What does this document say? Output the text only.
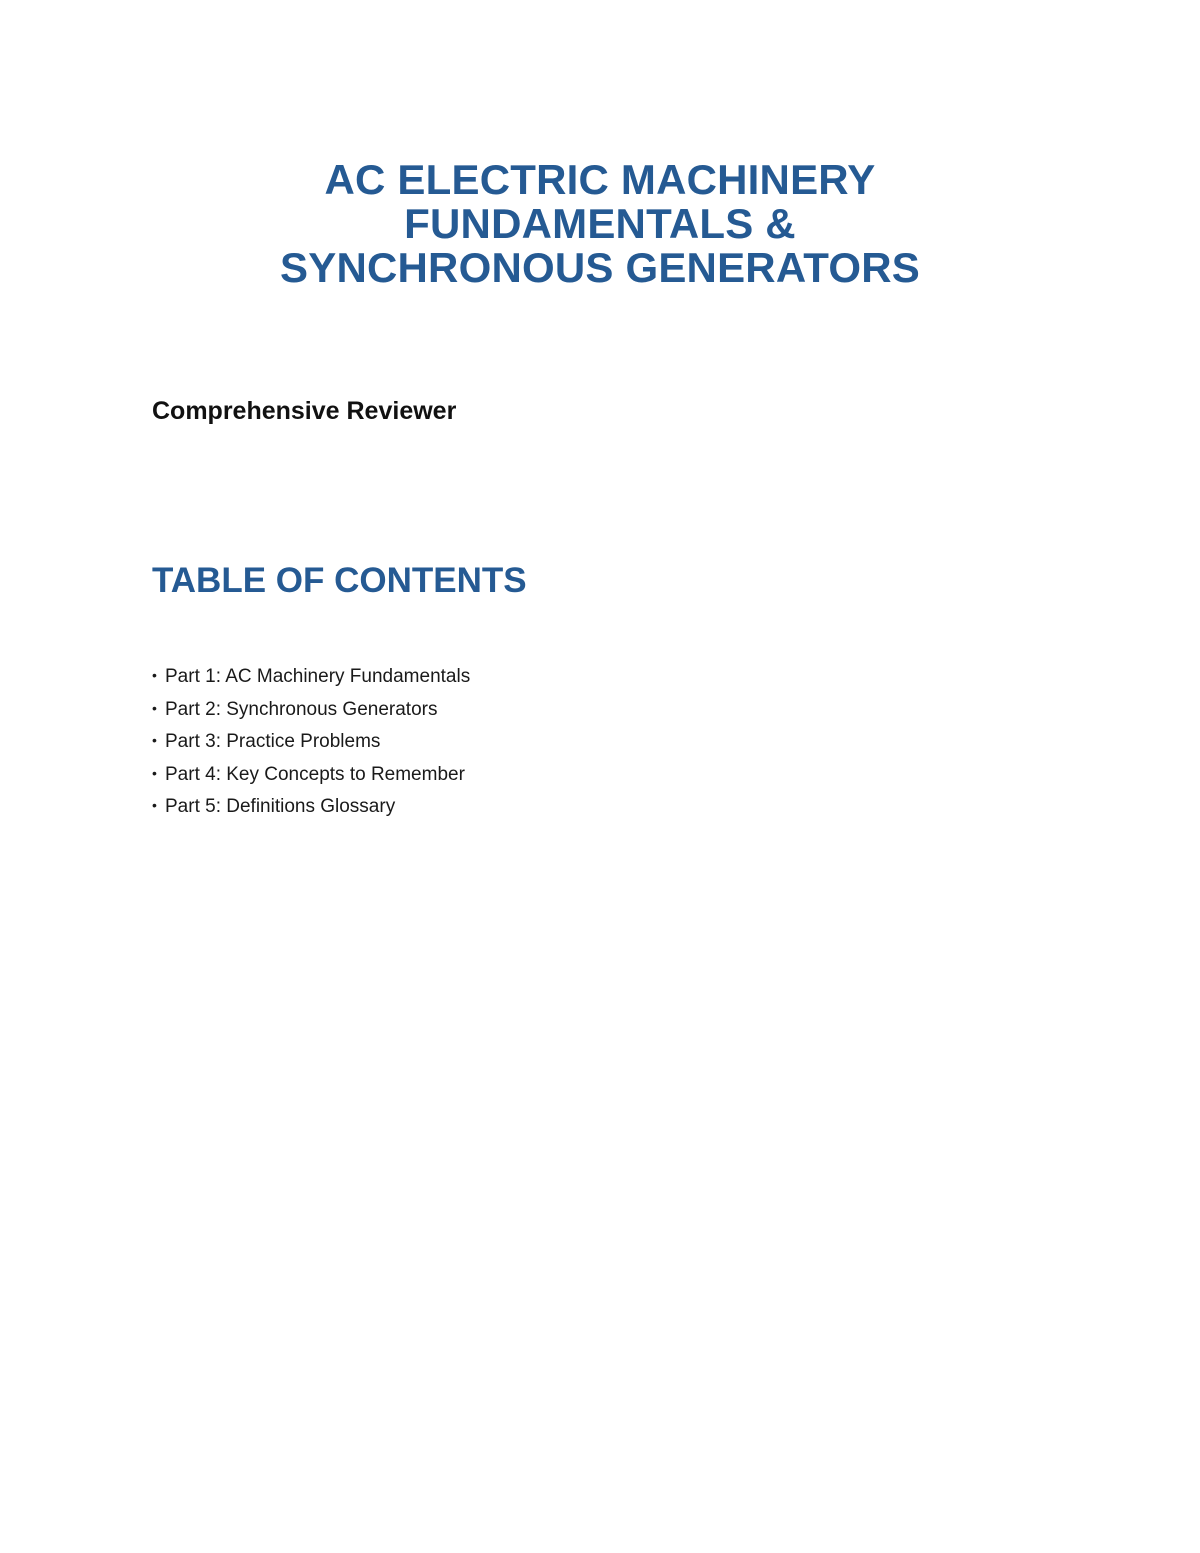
AC ELECTRIC MACHINERY
FUNDAMENTALS &
SYNCHRONOUS GENERATORS

Comprehensive Reviewer

TABLE OF CONTENTS
• Part 1: AC Machinery Fundamentals
• Part 2: Synchronous Generators
• Part 3: Practice Problems
• Part 4: Key Concepts to Remember
• Part 5: Definitions Glossary
